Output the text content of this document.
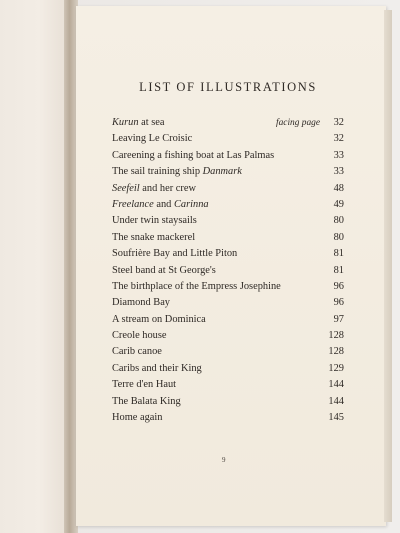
LIST OF ILLUSTRATIONS
Kurun at sea	facing page	32
Leaving Le Croisic	32
Careening a fishing boat at Las Palmas	33
The sail training ship Danmark	33
Seefeil and her crew	48
Freelance and Carinna	49
Under twin staysails	80
The snake mackerel	80
Soufrière Bay and Little Piton	81
Steel band at St George's	81
The birthplace of the Empress Josephine	96
Diamond Bay	96
A stream on Dominica	97
Creole house	128
Carib canoe	128
Caribs and their King	129
Terre d'en Haut	144
The Balata King	144
Home again	145
9
